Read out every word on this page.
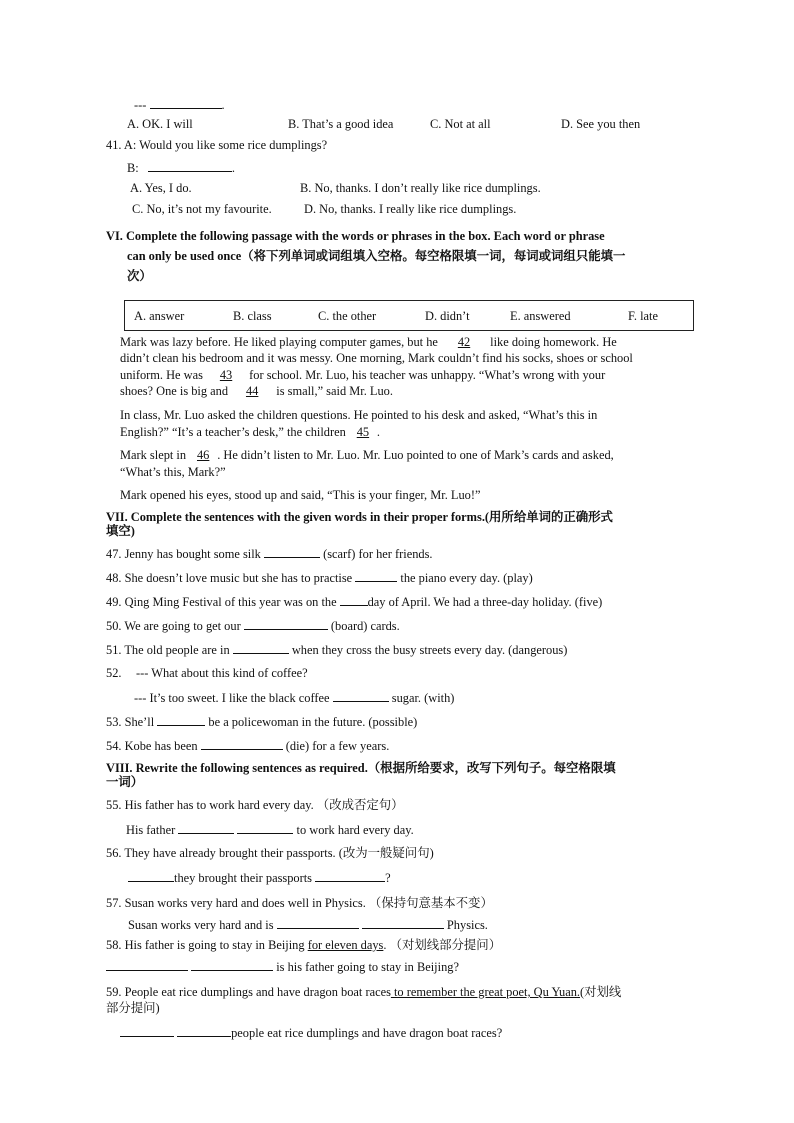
---	.
A. OK. I will	B. That’s a good idea	C. Not at all	D. See you then
41. A: Would you like some rice dumplings?
B:	.
A. Yes, I do.	B. No, thanks. I don’t really like rice dumplings.
C. No, it’s not my favourite.	D. No, thanks. I really like rice dumplings.
VI. Complete the following passage with the words or phrases in the box. Each word or phrase
can only be used once（将下列单词或词组填入空格。每空格限填一词，每词或词组只能填一
次）
A. answer	B. class	C. the other	D. didn’t	E. answered	F. late
Mark was lazy before. He liked playing computer games, but he 42 like doing homework. He
didn’t clean his bedroom and it was messy. One morning, Mark couldn’t find his socks, shoes or school
uniform. He was 43 for school. Mr. Luo, his teacher was unhappy. “What’s wrong with your
shoes? One is big and 44 is small,” said Mr. Luo.
In class, Mr. Luo asked the children questions. He pointed to his desk and asked, “What’s this in
English?” “It’s a teacher’s desk,” the children 45 .
Mark slept in 46 . He didn’t listen to Mr. Luo. Mr. Luo pointed to one of Mark’s cards and asked,
“What’s this, Mark?”
Mark opened his eyes, stood up and said, “This is your finger, Mr. Luo!”
VII. Complete the sentences with the given words in their proper forms.(用所给单词的正确形式
填空)
47. Jenny has bought some silk	(scarf) for her friends.
48. She doesn’t love music but she has to practise	the piano every day. (play)
49. Qing Ming Festival of this year was on the	day of April. We had a three-day holiday. (five)
50. We are going to get our	(board) cards.
51. The old people are in	when they cross the busy streets every day. (dangerous)
52. --- What about this kind of coffee?
--- It’s too sweet. I like the black coffee	sugar. (with)
53. She’ll	be a policewoman in the future. (possible)
54. Kobe has been	(die) for a few years.
VIII. Rewrite the following sentences as required.（根据所给要求，改写下列句子。每空格限填
一词）
55. His father has to work hard every day. （改成否定句）
His father	to work hard every day.
56. They have already brought their passports. (改为一般疑问句)
they brought their passports	?
57. Susan works very hard and does well in Physics. （保持句意基本不变）
Susan works very hard and is	Physics.
58. His father is going to stay in Beijing for eleven days. （对划线部分提问）
is his father going to stay in Beijing?
59. People eat rice dumplings and have dragon boat races to remember the great poet, Qu Yuan.(对划线
部分提问)
people eat rice dumplings and have dragon boat races?
